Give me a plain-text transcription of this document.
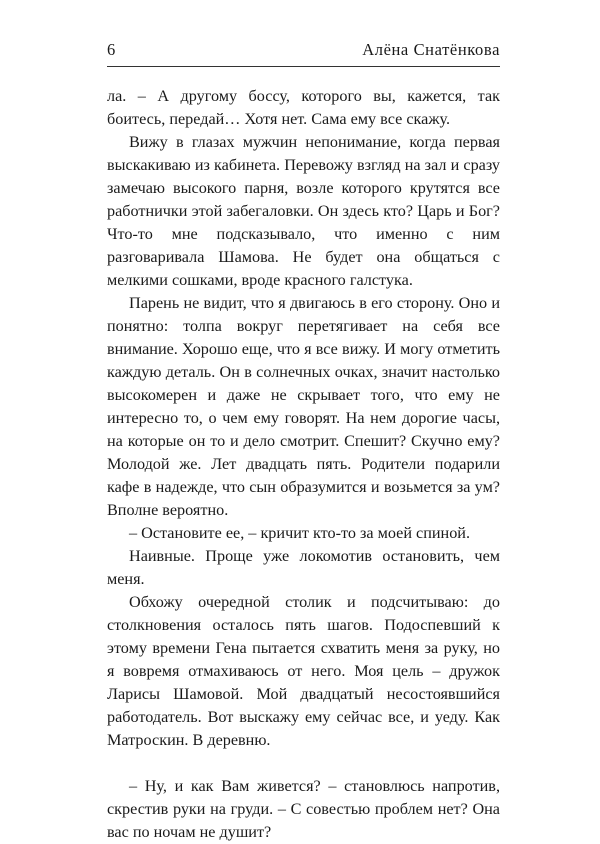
6	Алёна Снатёнкова

ла. – А другому боссу, которого вы, кажется, так боитесь, передай… Хотя нет. Сама ему все скажу.

Вижу в глазах мужчин непонимание, когда первая выскакиваю из кабинета. Перевожу взгляд на зал и сразу замечаю высокого парня, возле которого крутятся все работнички этой забегаловки. Он здесь кто? Царь и Бог? Что-то мне подсказывало, что именно с ним разговаривала Шамова. Не будет она общаться с мелкими сошками, вроде красного галстука.

Парень не видит, что я двигаюсь в его сторону. Оно и понятно: толпа вокруг перетягивает на себя все внимание. Хорошо еще, что я все вижу. И могу отметить каждую деталь. Он в солнечных очках, значит настолько высокомерен и даже не скрывает того, что ему не интересно то, о чем ему говорят. На нем дорогие часы, на которые он то и дело смотрит. Спешит? Скучно ему? Молодой же. Лет двадцать пять. Родители подарили кафе в надежде, что сын образумится и возьмется за ум? Вполне вероятно.

– Остановите ее, – кричит кто-то за моей спиной.

Наивные. Проще уже локомотив остановить, чем меня.

Обхожу очередной столик и подсчитываю: до столкновения осталось пять шагов. Подоспевший к этому времени Гена пытается схватить меня за руку, но я вовремя отмахиваюсь от него. Моя цель – дружок Ларисы Шамовой. Мой двадцатый несостоявшийся работодатель. Вот выскажу ему сейчас все, и уеду. Как Матроскин. В деревню.

– Ну, и как Вам живется? – становлюсь напротив, скрестив руки на груди. – С совестью проблем нет? Она вас по ночам не душит?
